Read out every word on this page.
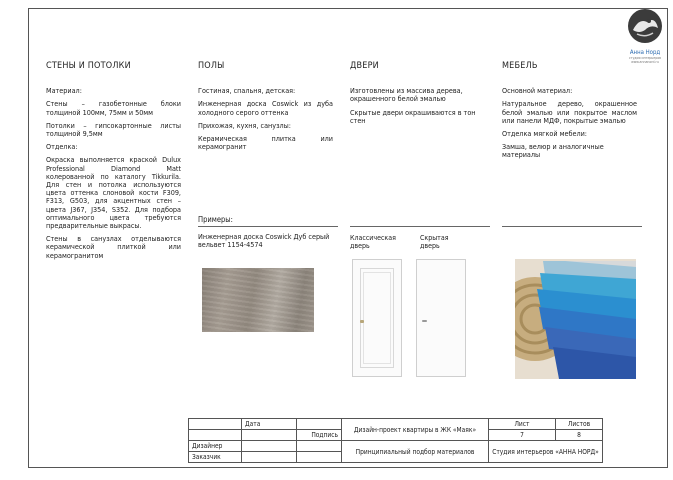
Анна Норд
студия интерьеров
www.annanord.ru

СТЕНЫ И ПОТОЛКИ

Материал:

Стены – газобетонные блоки толщиной 100мм, 75мм и 50мм

Потолки – гипсокартонные листы толщиной 9,5мм

Отделка:

Окраска выполняется краской Dulux Professional Diamond Matt колерованной по каталогу Tikkurila. Для стен и потолка используются цвета оттенка слоновой кости F309, F313, G503, для акцентных стен – цвета J367, J354, S352. Для подбора оптимального цвета требуются предварительные выкрасы.

Стены в санузлах отделываются керамической плиткой или керамогранитом

ПОЛЫ

Гостиная, спальня, детская:

Инженерная доска Coswick из дуба холодного серого оттенка

Прихожая, кухня, санузлы:

Керамическая плитка или керамогранит

Примеры:
Инженерная доска Coswick Дуб серый вельвет 1154-4574

ДВЕРИ

Изготовлены из массива дерева, окрашенного белой эмалью

Скрытые двери окрашиваются в тон стен

Классическая дверь
Скрытая дверь

МЕБЕЛЬ

Основной материал:

Натуральное дерево, окрашенное белой эмалью или покрытое маслом или панели МДФ, покрытые эмалью

Отделка мягкой мебели:

Замша, велюр и аналогичные материалы

	Дата		Дизайн-проект квартиры в ЖК «Маяк»	Лист	Листов
		Подпись		7	8
Дизайнер			Принципиальный подбор материалов	Студия интерьеров «АННА НОРД»	
Заказчик					
